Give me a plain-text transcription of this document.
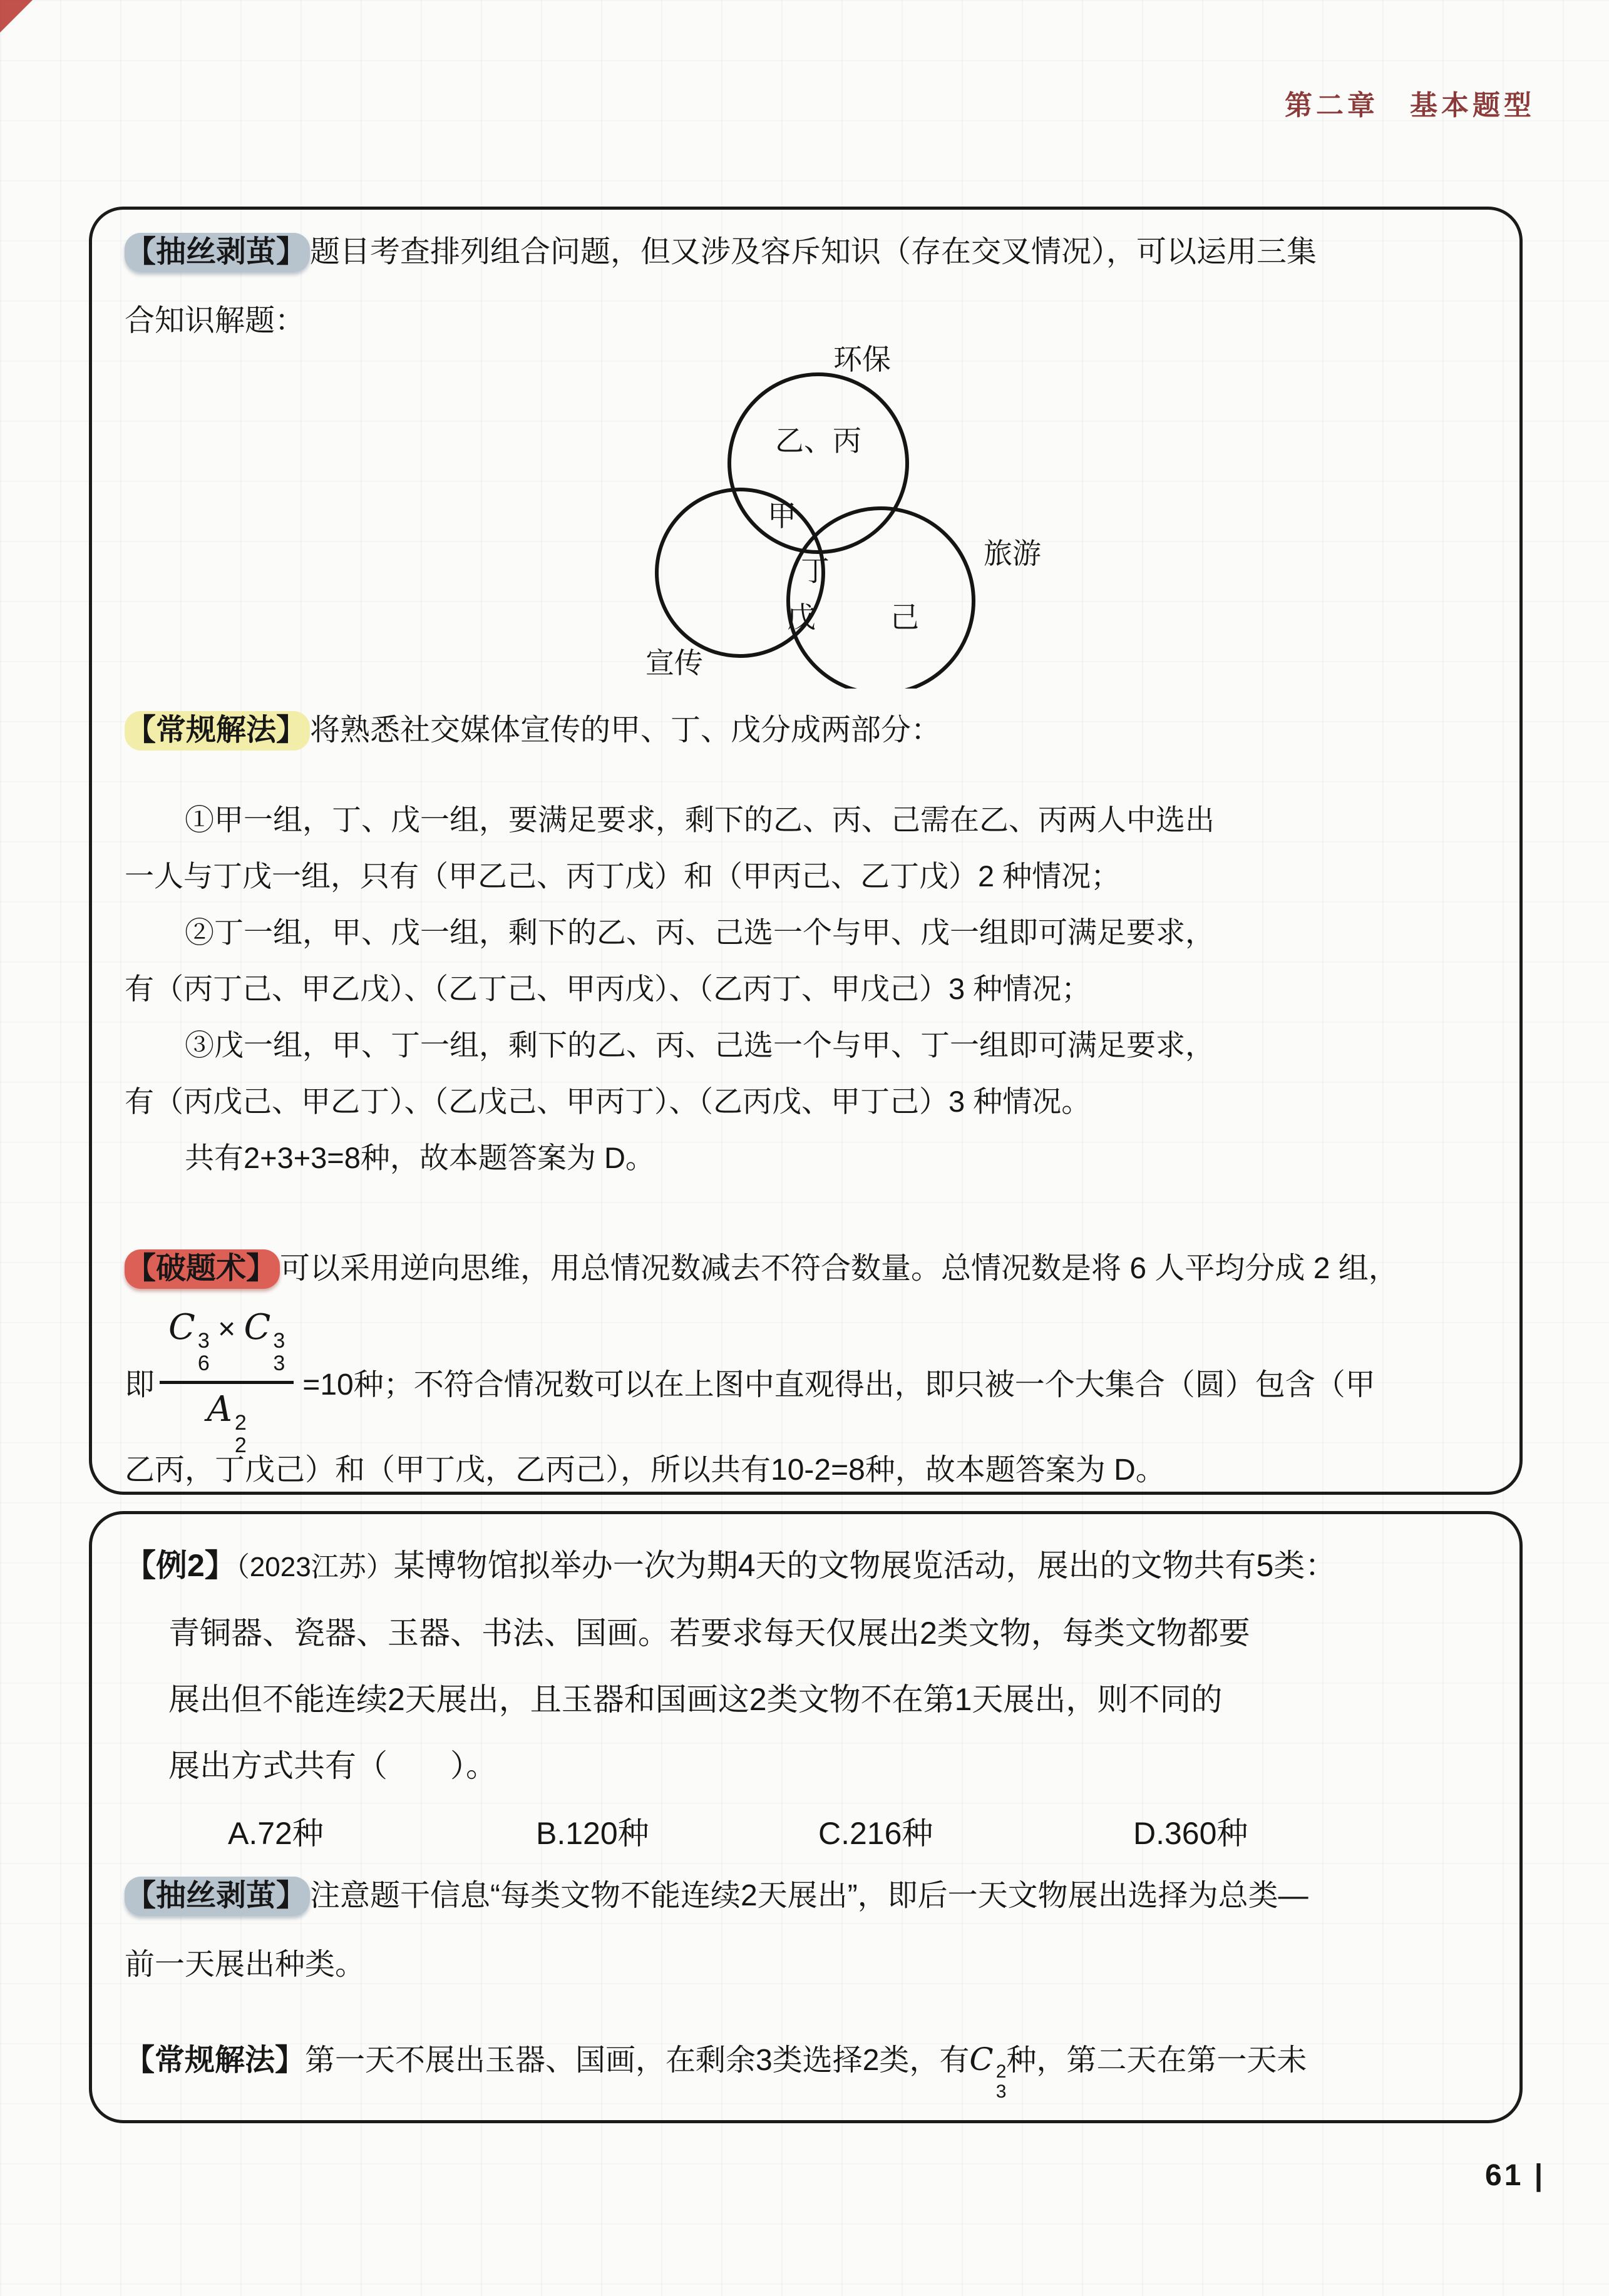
第二章　基本题型
【抽丝剥茧】 题目考查排列组合问题，但又涉及容斥知识（存在交叉情况），可以运用三集
合知识解题：
环保
旅游
宣传
乙、丙
甲
丁
戊	己
【常规解法】 将熟悉社交媒体宣传的甲、丁、戊分成两部分：
①甲一组，丁、戊一组，要满足要求，剩下的乙、丙、己需在乙、丙两人中选出
一人与丁戊一组，只有（甲乙己、丙丁戊）和（甲丙己、乙丁戊）2 种情况；
②丁一组，甲、戊一组，剩下的乙、丙、己选一个与甲、戊一组即可满足要求，
有（丙丁己、甲乙戊）、（乙丁己、甲丙戊）、（乙丙丁、甲戊己）3 种情况；
③戊一组，甲、丁一组，剩下的乙、丙、己选一个与甲、丁一组即可满足要求，
有（丙戊己、甲乙丁）、（乙戊己、甲丙丁）、（乙丙戊、甲丁己）3 种情况。
共有2+3+3=8种，故本题答案为 D。
【破题术】 可以采用逆向思维，用总情况数减去不符合数量。总情况数是将 6 人平均分成 2 组，
即 C 3
6
× C 3
3
A 2
2 =10种；不符合情况数可以在上图中直观得出，即只被一个大集合（圆）包含（甲
乙丙，丁戊己）和（甲丁戊，乙丙己），所以共有10-2=8种，故本题答案为 D。
【例2】（2023江苏）某博物馆拟举办一次为期4天的文物展览活动，展出的文物共有5类：
青铜器、瓷器、玉器、书法、国画。若要求每天仅展出2类文物，每类文物都要
展出但不能连续2天展出，且玉器和国画这2类文物不在第1天展出，则不同的
展出方式共有（　　）。
A.72种	B.120种	C.216种	D.360种
【抽丝剥茧】 注意题干信息“每类文物不能连续2天展出”，即后一天文物展出选择为总类—
前一天展出种类。
【常规解法】第一天不展出玉器、国画，在剩余3类选择2类，有C 2
3
种，第二天在第一天未
61 |
